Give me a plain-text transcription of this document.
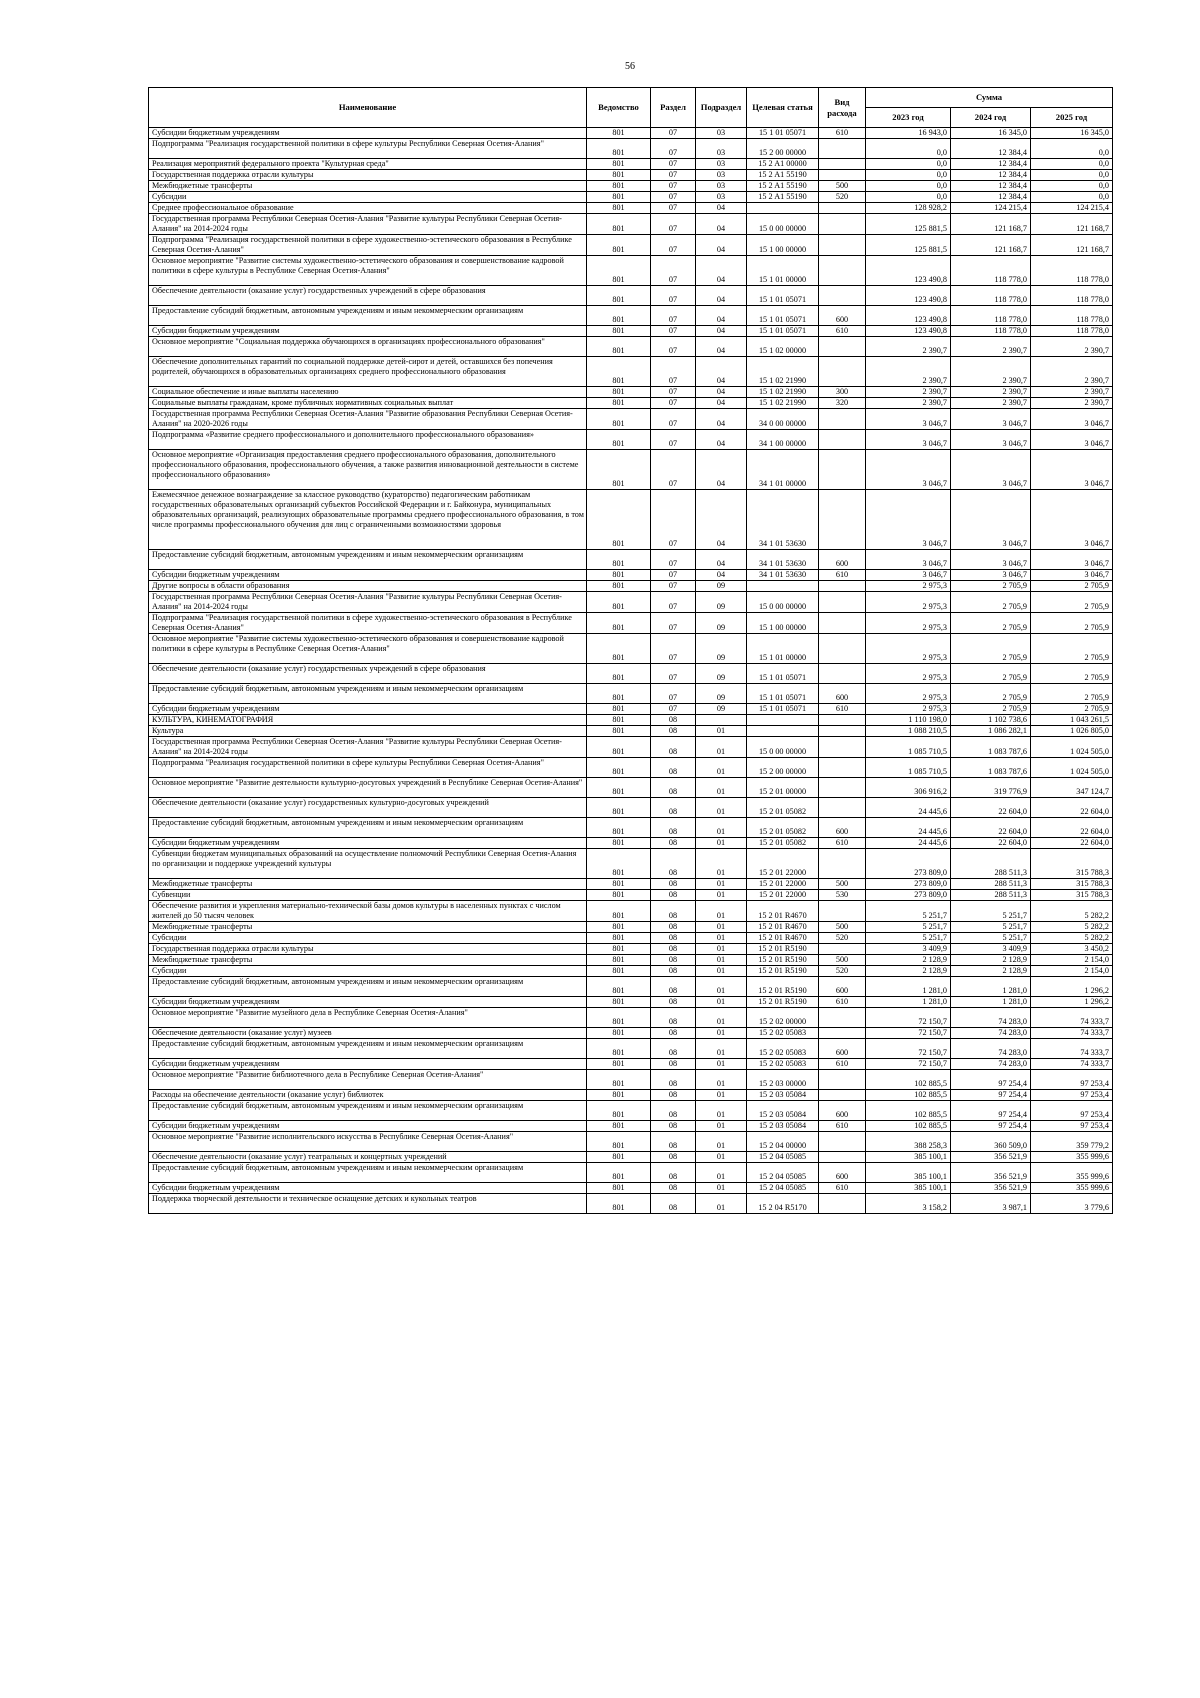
56
Наименование	Ведомство	Раздел	Подраздел	Целевая статья	Вид расхода	Сумма		
						2023 год	2024 год	2025 год
Субсидии бюджетным учреждениям	801	07	03	15 1 01 05071	610	16 943,0	16 345,0	16 345,0
Подпрограмма "Реализация государственной политики в сфере культуры Республики Северная Осетия-Алания"	801	07	03	15 2 00 00000		0,0	12 384,4	0,0
Реализация мероприятий федерального проекта "Культурная среда"	801	07	03	15 2 A1 00000		0,0	12 384,4	0,0
Государственная поддержка отрасли культуры	801	07	03	15 2 A1 55190		0,0	12 384,4	0,0
Межбюджетные трансферты	801	07	03	15 2 A1 55190	500	0,0	12 384,4	0,0
Субсидии	801	07	03	15 2 A1 55190	520	0,0	12 384,4	0,0
Среднее профессиональное образование	801	07	04			128 928,2	124 215,4	124 215,4
Государственная программа Республики Северная Осетия-Алания "Развитие культуры Республики Северная Осетия-Алания" на 2014-2024 годы	801	07	04	15 0 00 00000		125 881,5	121 168,7	121 168,7
Подпрограмма "Реализация государственной политики в сфере художественно-эстетического образования в Республике Северная Осетия-Алания"	801	07	04	15 1 00 00000		125 881,5	121 168,7	121 168,7
Основное мероприятие "Развитие системы художественно-эстетического образования и совершенствование кадровой политики в сфере культуры в Республике Северная Осетия-Алания"	801	07	04	15 1 01 00000		123 490,8	118 778,0	118 778,0
Обеспечение деятельности (оказание услуг) государственных учреждений в сфере образования	801	07	04	15 1 01 05071		123 490,8	118 778,0	118 778,0
Предоставление субсидий бюджетным, автономным учреждениям и иным некоммерческим организациям	801	07	04	15 1 01 05071	600	123 490,8	118 778,0	118 778,0
Субсидии бюджетным учреждениям	801	07	04	15 1 01 05071	610	123 490,8	118 778,0	118 778,0
Основное мероприятие "Социальная поддержка обучающихся в организациях профессионального образования"	801	07	04	15 1 02 00000		2 390,7	2 390,7	2 390,7
Обеспечение дополнительных гарантий по социальной поддержке детей-сирот и детей, оставшихся без попечения родителей, обучающихся в образовательных организациях среднего профессионального образования	801	07	04	15 1 02 21990		2 390,7	2 390,7	2 390,7
Социальное обеспечение и иные выплаты населению	801	07	04	15 1 02 21990	300	2 390,7	2 390,7	2 390,7
Социальные выплаты гражданам, кроме публичных нормативных социальных выплат	801	07	04	15 1 02 21990	320	2 390,7	2 390,7	2 390,7
Государственная программа Республики Северная Осетия-Алания "Развитие образования Республики Северная Осетия-Алания" на 2020-2026 годы	801	07	04	34 0 00 00000		3 046,7	3 046,7	3 046,7
Подпрограмма «Развитие среднего профессионального и дополнительного профессионального образования»	801	07	04	34 1 00 00000		3 046,7	3 046,7	3 046,7
Основное мероприятие «Организация предоставления среднего профессионального образования, дополнительного профессионального образования, профессионального обучения, а также развития инновационной деятельности в системе профессионального образования»	801	07	04	34 1 01 00000		3 046,7	3 046,7	3 046,7
Ежемесячное денежное вознаграждение за классное руководство (кураторство) педагогическим работникам государственных образовательных организаций субъектов Российской Федерации и г. Байконура, муниципальных образовательных организаций, реализующих образовательные программы среднего профессионального образования, в том числе программы профессионального обучения для лиц с ограниченными возможностями здоровья	801	07	04	34 1 01 53630		3 046,7	3 046,7	3 046,7
Предоставление субсидий бюджетным, автономным учреждениям и иным некоммерческим организациям	801	07	04	34 1 01 53630	600	3 046,7	3 046,7	3 046,7
Субсидии бюджетным учреждениям	801	07	04	34 1 01 53630	610	3 046,7	3 046,7	3 046,7
Другие вопросы в области образования	801	07	09			2 975,3	2 705,9	2 705,9
Государственная программа Республики Северная Осетия-Алания "Развитие культуры Республики Северная Осетия-Алания" на 2014-2024 годы	801	07	09	15 0 00 00000		2 975,3	2 705,9	2 705,9
Подпрограмма "Реализация государственной политики в сфере художественно-эстетического образования в Республике Северная Осетия-Алания"	801	07	09	15 1 00 00000		2 975,3	2 705,9	2 705,9
Основное мероприятие "Развитие системы художественно-эстетического образования и совершенствование кадровой политики в сфере культуры в Республике Северная Осетия-Алания"	801	07	09	15 1 01 00000		2 975,3	2 705,9	2 705,9
Обеспечение деятельности (оказание услуг) государственных учреждений в сфере образования	801	07	09	15 1 01 05071		2 975,3	2 705,9	2 705,9
Предоставление субсидий бюджетным, автономным учреждениям и иным некоммерческим организациям	801	07	09	15 1 01 05071	600	2 975,3	2 705,9	2 705,9
Субсидии бюджетным учреждениям	801	07	09	15 1 01 05071	610	2 975,3	2 705,9	2 705,9
КУЛЬТУРА, КИНЕМАТОГРАФИЯ	801	08				1 110 198,0	1 102 738,6	1 043 261,5
Культура	801	08	01			1 088 210,5	1 086 282,1	1 026 805,0
Государственная программа Республики Северная Осетия-Алания "Развитие культуры Республики Северная Осетия-Алания" на 2014-2024 годы	801	08	01	15 0 00 00000		1 085 710,5	1 083 787,6	1 024 505,0
Подпрограмма "Реализация государственной политики в сфере культуры Республики Северная Осетия-Алания"	801	08	01	15 2 00 00000		1 085 710,5	1 083 787,6	1 024 505,0
Основное мероприятие "Развитие деятельности культурно-досуговых учреждений в Республике Северная Осетия-Алания"	801	08	01	15 2 01 00000		306 916,2	319 776,9	347 124,7
Обеспечение деятельности (оказание услуг) государственных культурно-досуговых учреждений	801	08	01	15 2 01 05082		24 445,6	22 604,0	22 604,0
Предоставление субсидий бюджетным, автономным учреждениям и иным некоммерческим организациям	801	08	01	15 2 01 05082	600	24 445,6	22 604,0	22 604,0
Субсидии бюджетным учреждениям	801	08	01	15 2 01 05082	610	24 445,6	22 604,0	22 604,0
Субвенции бюджетам муниципальных образований на осуществление полномочий Республики Северная Осетия-Алания по организации и поддержке учреждений культуры	801	08	01	15 2 01 22000		273 809,0	288 511,3	315 788,3
Межбюджетные трансферты	801	08	01	15 2 01 22000	500	273 809,0	288 511,3	315 788,3
Субвенции	801	08	01	15 2 01 22000	530	273 809,0	288 511,3	315 788,3
Обеспечение развития и укрепления материально-технической базы домов культуры в населенных пунктах с числом жителей до 50 тысяч человек	801	08	01	15 2 01 R4670		5 251,7	5 251,7	5 282,2
Межбюджетные трансферты	801	08	01	15 2 01 R4670	500	5 251,7	5 251,7	5 282,2
Субсидии	801	08	01	15 2 01 R4670	520	5 251,7	5 251,7	5 282,2
Государственная поддержка отрасли культуры	801	08	01	15 2 01 R5190		3 409,9	3 409,9	3 450,2
Межбюджетные трансферты	801	08	01	15 2 01 R5190	500	2 128,9	2 128,9	2 154,0
Субсидии	801	08	01	15 2 01 R5190	520	2 128,9	2 128,9	2 154,0
Предоставление субсидий бюджетным, автономным учреждениям и иным некоммерческим организациям	801	08	01	15 2 01 R5190	600	1 281,0	1 281,0	1 296,2
Субсидии бюджетным учреждениям	801	08	01	15 2 01 R5190	610	1 281,0	1 281,0	1 296,2
Основное мероприятие "Развитие музейного дела в Республике Северная Осетия-Алания"	801	08	01	15 2 02 00000		72 150,7	74 283,0	74 333,7
Обеспечение деятельности (оказание услуг) музеев	801	08	01	15 2 02 05083		72 150,7	74 283,0	74 333,7
Предоставление субсидий бюджетным, автономным учреждениям и иным некоммерческим организациям	801	08	01	15 2 02 05083	600	72 150,7	74 283,0	74 333,7
Субсидии бюджетным учреждениям	801	08	01	15 2 02 05083	610	72 150,7	74 283,0	74 333,7
Основное мероприятие "Развитие библиотечного дела в Республике Северная Осетия-Алания"	801	08	01	15 2 03 00000		102 885,5	97 254,4	97 253,4
Расходы на обеспечение деятельности (оказание услуг) библиотек	801	08	01	15 2 03 05084		102 885,5	97 254,4	97 253,4
Предоставление субсидий бюджетным, автономным учреждениям и иным некоммерческим организациям	801	08	01	15 2 03 05084	600	102 885,5	97 254,4	97 253,4
Субсидии бюджетным учреждениям	801	08	01	15 2 03 05084	610	102 885,5	97 254,4	97 253,4
Основное мероприятие "Развитие исполнительского искусства в Республике Северная Осетия-Алания"	801	08	01	15 2 04 00000		388 258,3	360 509,0	359 779,2
Обеспечение деятельности (оказание услуг) театральных и концертных учреждений	801	08	01	15 2 04 05085		385 100,1	356 521,9	355 999,6
Предоставление субсидий бюджетным, автономным учреждениям и иным некоммерческим организациям	801	08	01	15 2 04 05085	600	385 100,1	356 521,9	355 999,6
Субсидии бюджетным учреждениям	801	08	01	15 2 04 05085	610	385 100,1	356 521,9	355 999,6
Поддержка творческой деятельности и техническое оснащение детских и кукольных театров	801	08	01	15 2 04 R5170		3 158,2	3 987,1	3 779,6
